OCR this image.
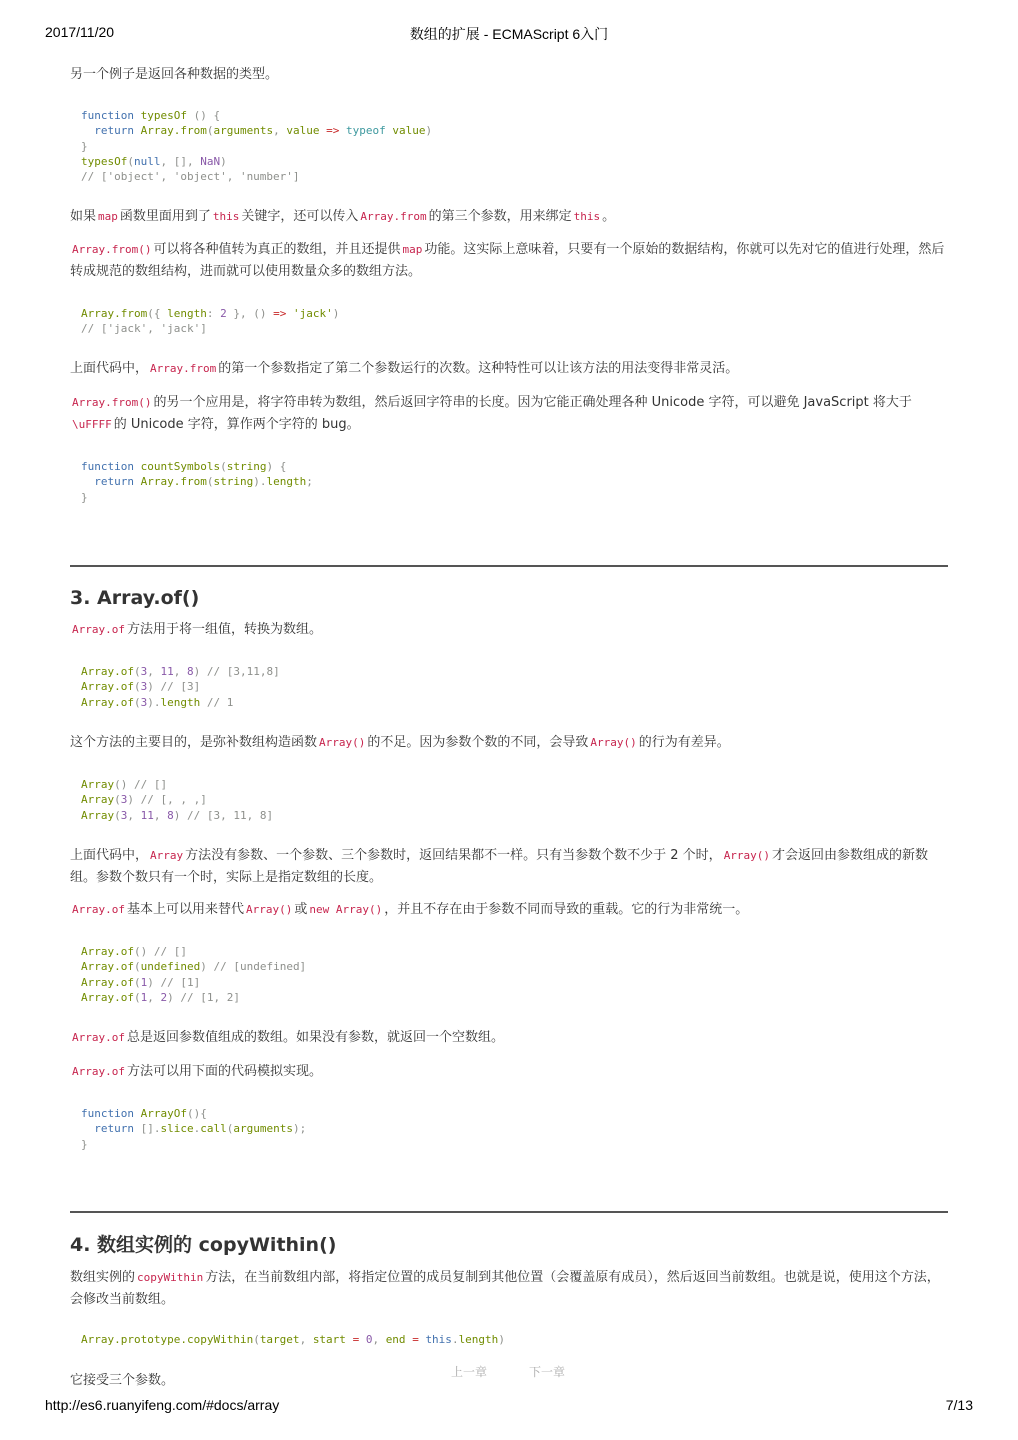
2017/11/20	数组的扩展 - ECMAScript 6入门

另一个例子是返回各种数据的类型。

function typesOf () {
return Array.from(arguments, value => typeof value)
}
typesOf(null, [], NaN)
// ['object', 'object', 'number']

如果 map 函数里面用到了 this 关键字，还可以传入 Array.from 的第三个参数，用来绑定 this 。

Array.from() 可以将各种值转为真正的数组，并且还提供 map 功能。这实际上意味着，只要有一个原始的数据结构，你就可以先对它的值进行处理，然后转成规范的数组结构，进而就可以使用数量众多的数组方法。

Array.from({ length: 2 }, () => 'jack')
// ['jack', 'jack']

上面代码中， Array.from 的第一个参数指定了第二个参数运行的次数。这种特性可以让该方法的用法变得非常灵活。

Array.from() 的另一个应用是，将字符串转为数组，然后返回字符串的长度。因为它能正确处理各种 Unicode 字符，可以避免 JavaScript 将大于\uFFFF 的 Unicode 字符，算作两个字符的 bug。

function countSymbols(string) {
return Array.from(string).length;
}
3. Array.of()

Array.of 方法用于将一组值，转换为数组。

Array.of(3, 11, 8) // [3,11,8]
Array.of(3) // [3]
Array.of(3).length // 1

这个方法的主要目的，是弥补数组构造函数 Array() 的不足。因为参数个数的不同，会导致 Array() 的行为有差异。

Array() // []
Array(3) // [, , ,]
Array(3, 11, 8) // [3, 11, 8]

上面代码中， Array 方法没有参数、一个参数、三个参数时，返回结果都不一样。只有当参数个数不少于 2 个时， Array() 才会返回由参数组成的新数组。参数个数只有一个时，实际上是指定数组的长度。

Array.of 基本上可以用来替代 Array() 或 new Array() ，并且不存在由于参数不同而导致的重载。它的行为非常统一。

Array.of() // []
Array.of(undefined) // [undefined]
Array.of(1) // [1]
Array.of(1, 2) // [1, 2]

Array.of 总是返回参数值组成的数组。如果没有参数，就返回一个空数组。

Array.of 方法可以用下面的代码模拟实现。

function ArrayOf(){
return [].slice.call(arguments);
}
4. 数组实例的 copyWithin()

数组实例的 copyWithin 方法，在当前数组内部，将指定位置的成员复制到其他位置（会覆盖原有成员），然后返回当前数组。也就是说，使用这个方法，会修改当前数组。

Array.prototype.copyWithin(target, start = 0, end = this.length)

它接受三个参数。

上一章	下一章
http://es6.ruanyifeng.com/#docs/array	7/13
